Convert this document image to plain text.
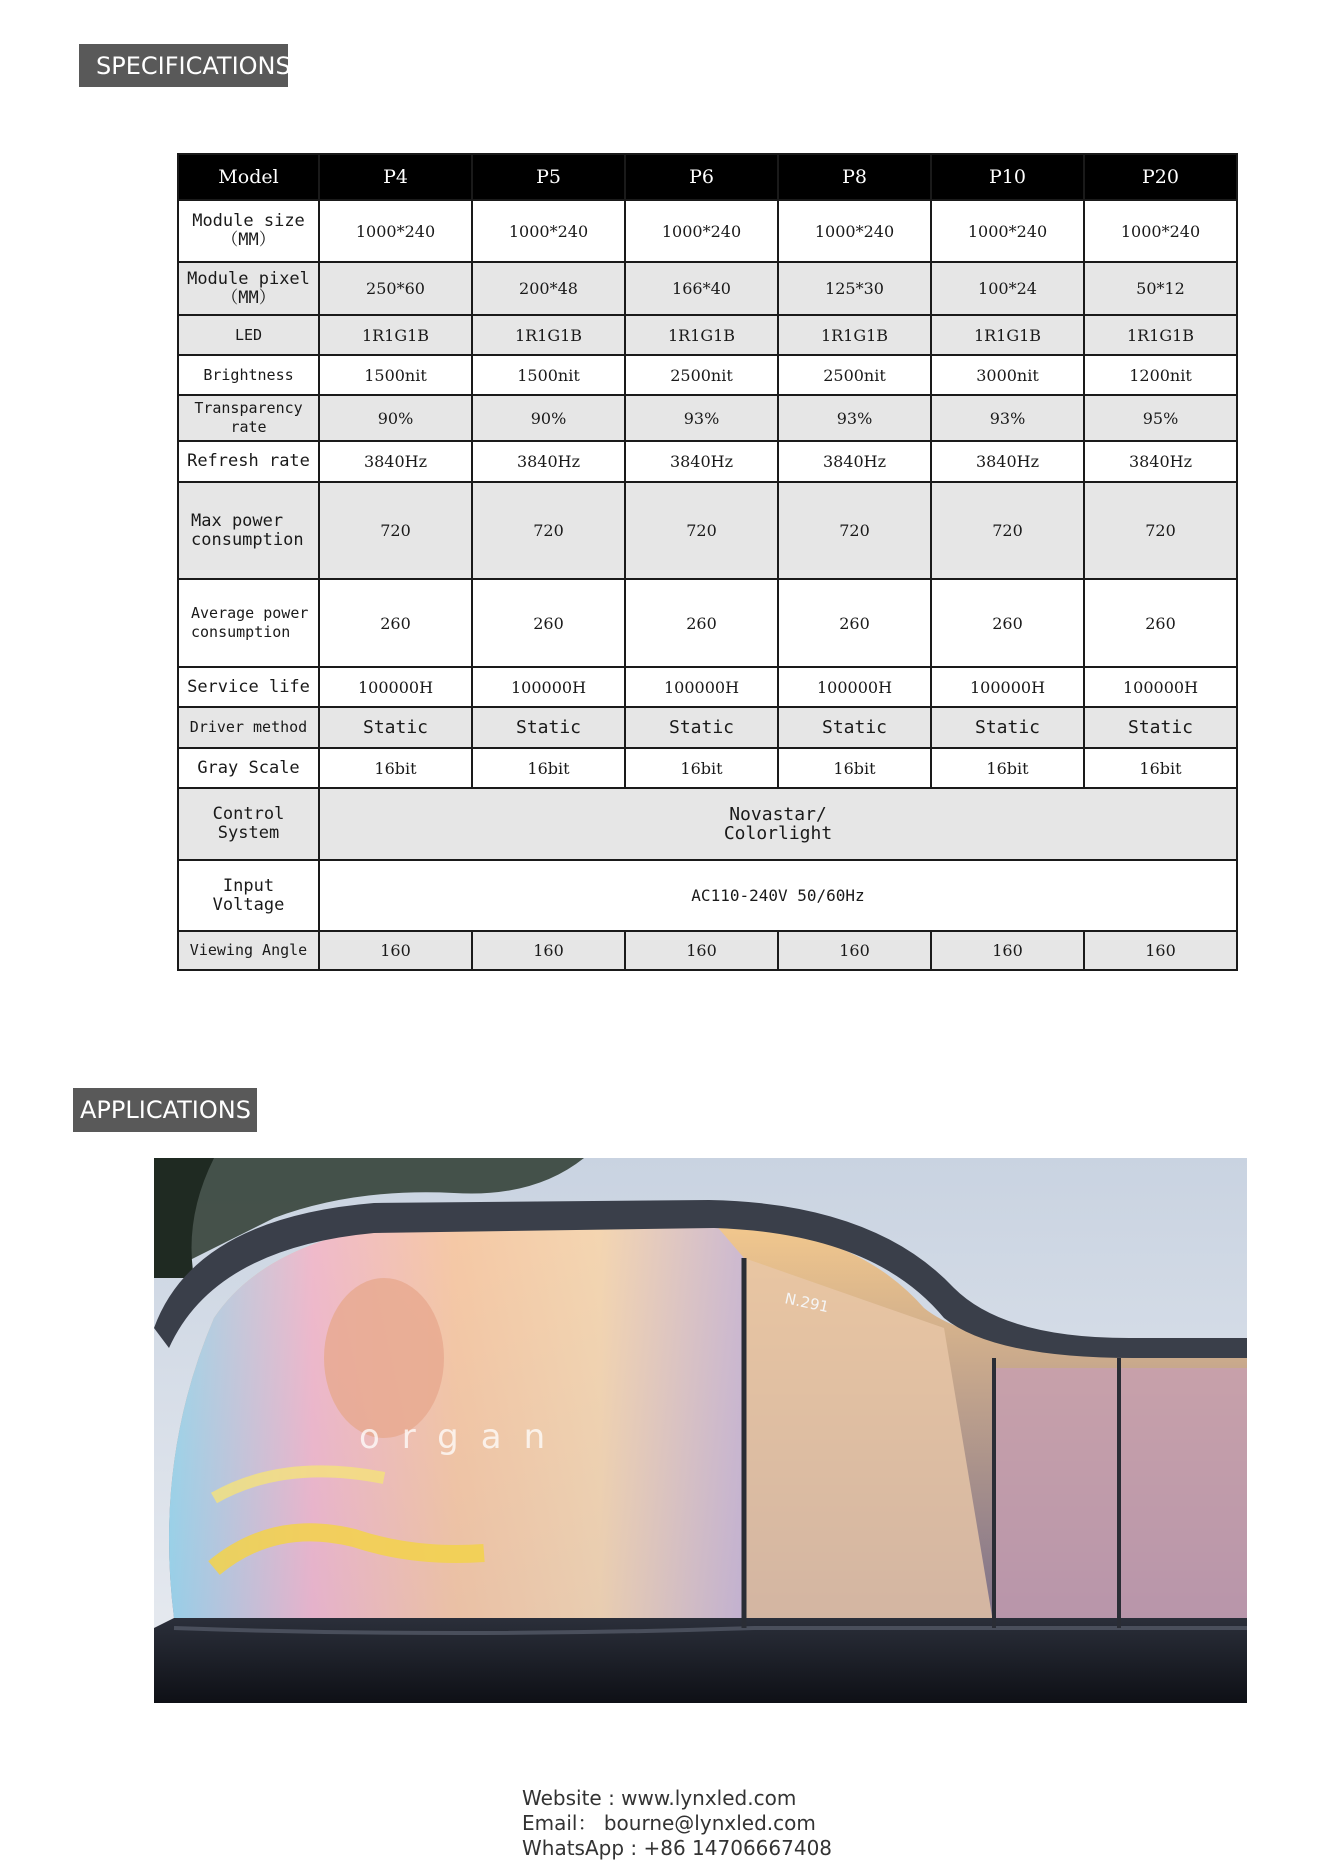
SPECIFICATIONS
Model	P4	P5	P6	P8	P10	P20
Module size
（MM）	1000*240	1000*240	1000*240	1000*240	1000*240	1000*240
Module pixel
（MM）	250*60	200*48	166*40	125*30	100*24	50*12
LED	1R1G1B	1R1G1B	1R1G1B	1R1G1B	1R1G1B	1R1G1B
Brightness	1500nit	1500nit	2500nit	2500nit	3000nit	1200nit
Transparency
rate	90%	90%	93%	93%	93%	95%
Refresh rate	3840Hz	3840Hz	3840Hz	3840Hz	3840Hz	3840Hz
Max power
consumption	720	720	720	720	720	720
Average power
consumption	260	260	260	260	260	260
Service life	100000H	100000H	100000H	100000H	100000H	100000H
Driver method	Static	Static	Static	Static	Static	Static
Gray Scale	16bit	16bit	16bit	16bit	16bit	16bit
Control
System	Novastar/
Colorlight					
Input Voltage	AC110-240V 50/60Hz					
Viewing Angle	160	160	160	160	160	160
APPLICATIONS
N.291
organ
Website : www.lynxled.com
Email： bourne@lynxled.com
WhatsApp : +86 14706667408
